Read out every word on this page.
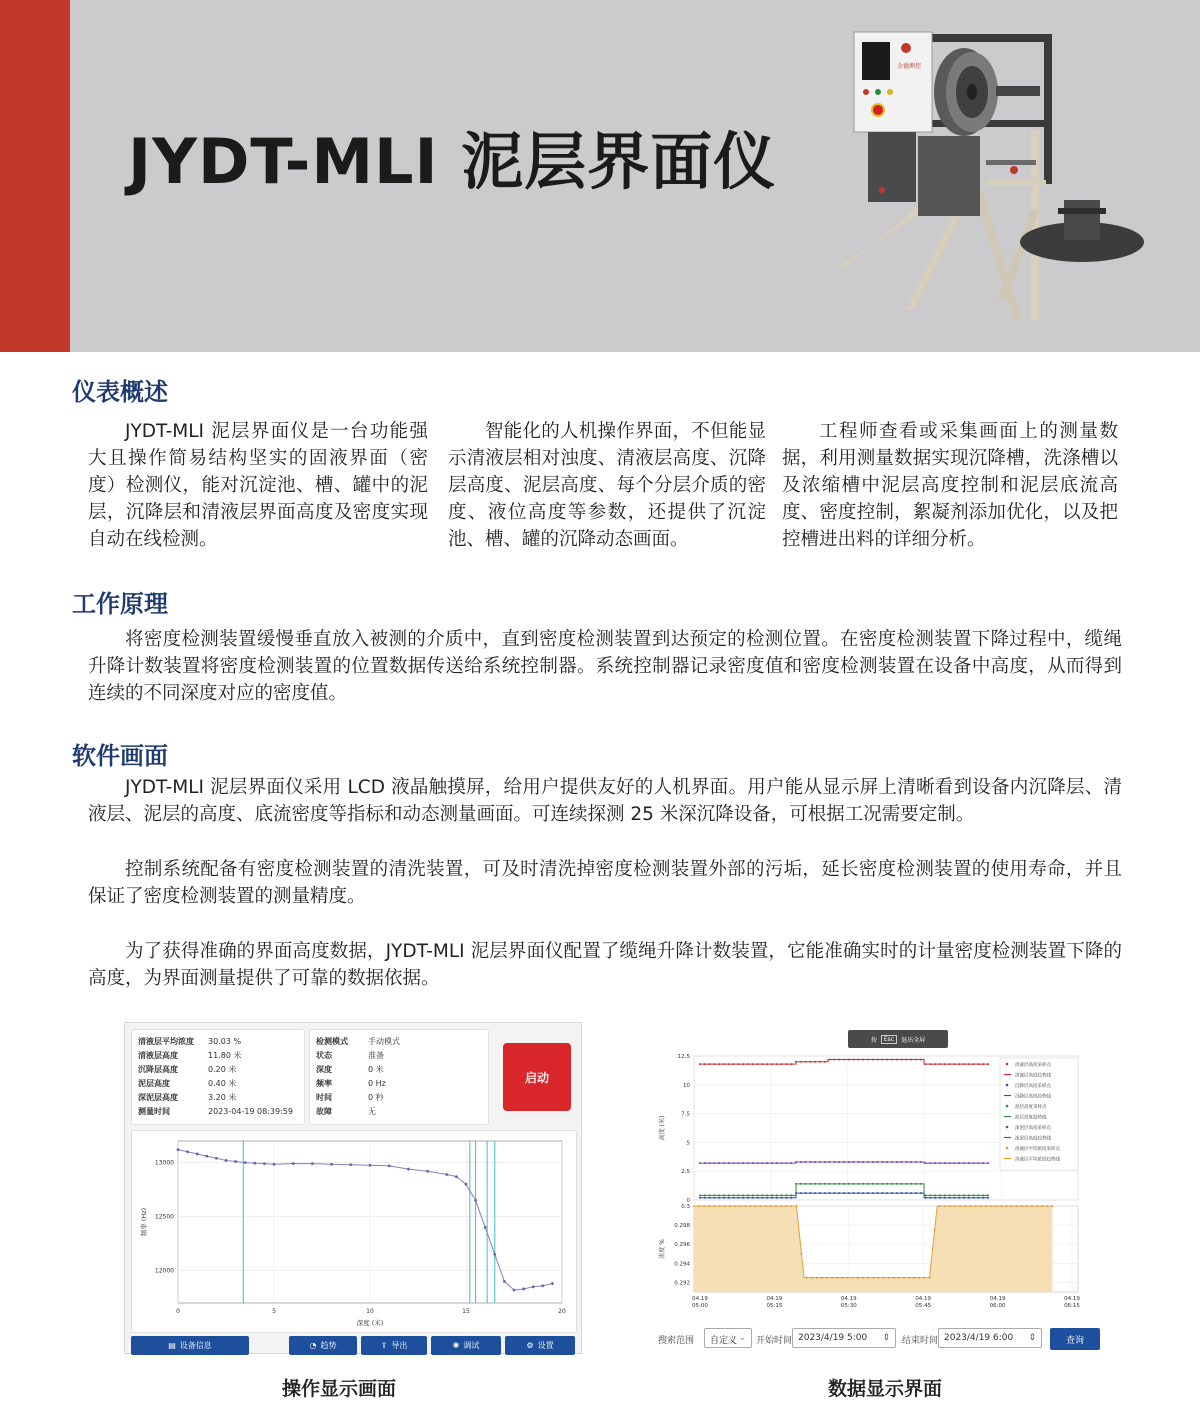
JYDT-MLI 泥层界面仪
金德测控
仪表概述
JYDT-MLI 泥层界面仪是一台功能强大且操作简易结构坚实的固液界面（密度）检测仪，能对沉淀池、槽、罐中的泥层，沉降层和清液层界面高度及密度实现自动在线检测。
智能化的人机操作界面，不但能显示清液层相对浊度、清液层高度、沉降层高度、泥层高度、每个分层介质的密度、液位高度等参数，还提供了沉淀池、槽、罐的沉降动态画面。
工程师查看或采集画面上的测量数据，利用测量数据实现沉降槽，洗涤槽以及浓缩槽中泥层高度控制和泥层底流高度、密度控制，絮凝剂添加优化，以及把控槽进出料的详细分析。
工作原理
将密度检测装置缓慢垂直放入被测的介质中，直到密度检测装置到达预定的检测位置。在密度检测装置下降过程中，缆绳升降计数装置将密度检测装置的位置数据传送给系统控制器。系统控制器记录密度值和密度检测装置在设备中高度，从而得到连续的不同深度对应的密度值。
软件画面
JYDT-MLI 泥层界面仪采用 LCD 液晶触摸屏，给用户提供友好的人机界面。用户能从显示屏上清晰看到设备内沉降层、清液层、泥层的高度、底流密度等指标和动态测量画面。可连续探测 25 米深沉降设备，可根据工况需要定制。
控制系统配备有密度检测装置的清洗装置，可及时清洗掉密度检测装置外部的污垢，延长密度检测装置的使用寿命，并且保证了密度检测装置的测量精度。
为了获得准确的界面高度数据，JYDT-MLI 泥层界面仪配置了缆绳升降计数装置，它能准确实时的计量密度检测装置下降的高度，为界面测量提供了可靠的数据依据。
清液层平均浓度 30.03 %
清液层高度	11.80 米
沉降层高度	0.20 米
泥层高度	0.40 米
深泥层高度	3.20 米
测量时间	2023-04-19 08:39:59
检测模式	手动模式
状态	准备
深度	0 米
频率	0 Hz
时间	0 秒
故障	无
启动
0	5	10	15	20
12000
12500
13000
深度 (米)
频率 (Hz)
▤ 设备信息	◔ 趋势	⇪ 导出	✱ 调试	⚙ 设置
操作显示画面
0
2.5
5
7.5
10
12.5
高度 (米)
清液层高度采样点
清液层高度趋势线
沉降层高度采样点
沉降层高度趋势线
泥层高度采样点
泥层高度趋势线
深泥层高度采样点
深泥层高度趋势线
清液层平均浓度采样点
清液层平均浓度趋势线
0.292
0.294
0.296
0.298
0.3
04.19
05:00
04.19
05:15
04.19
05:30
04.19
05:45
04.19
06:00
04.19
06:15
浓度 %
按	Esc	退出全屏
搜索范围	自定义 ⌄ 开始时间 2023/4/19 5:00 ⇕ 结束时间 2023/4/19 6:00 ⇕	查询
数据显示界面
